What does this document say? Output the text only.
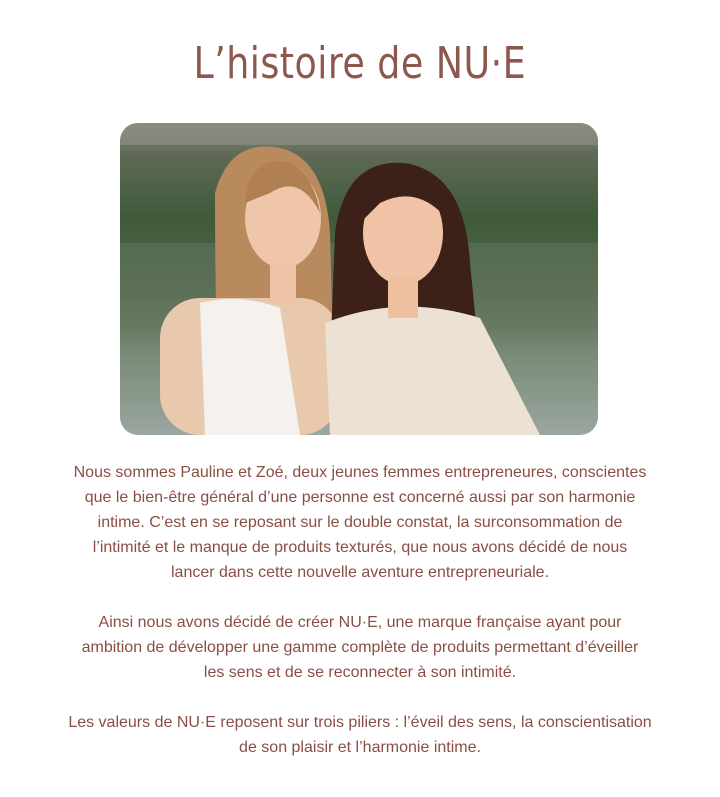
L’histoire de NU·E
Nous sommes Pauline et Zoé, deux jeunes femmes entrepreneures, conscientes
que le bien-être général d’une personne est concerné aussi par son harmonie
intime. C’est en se reposant sur le double constat, la surconsommation de
l’intimité et le manque de produits texturés, que nous avons décidé de nous
lancer dans cette nouvelle aventure entrepreneuriale.
Ainsi nous avons décidé de créer NU·E, une marque française ayant pour
ambition de développer une gamme complète de produits permettant d’éveiller
les sens et de se reconnecter à son intimité.
Les valeurs de NU·E reposent sur trois piliers : l’éveil des sens, la conscientisation
de son plaisir et l’harmonie intime.
